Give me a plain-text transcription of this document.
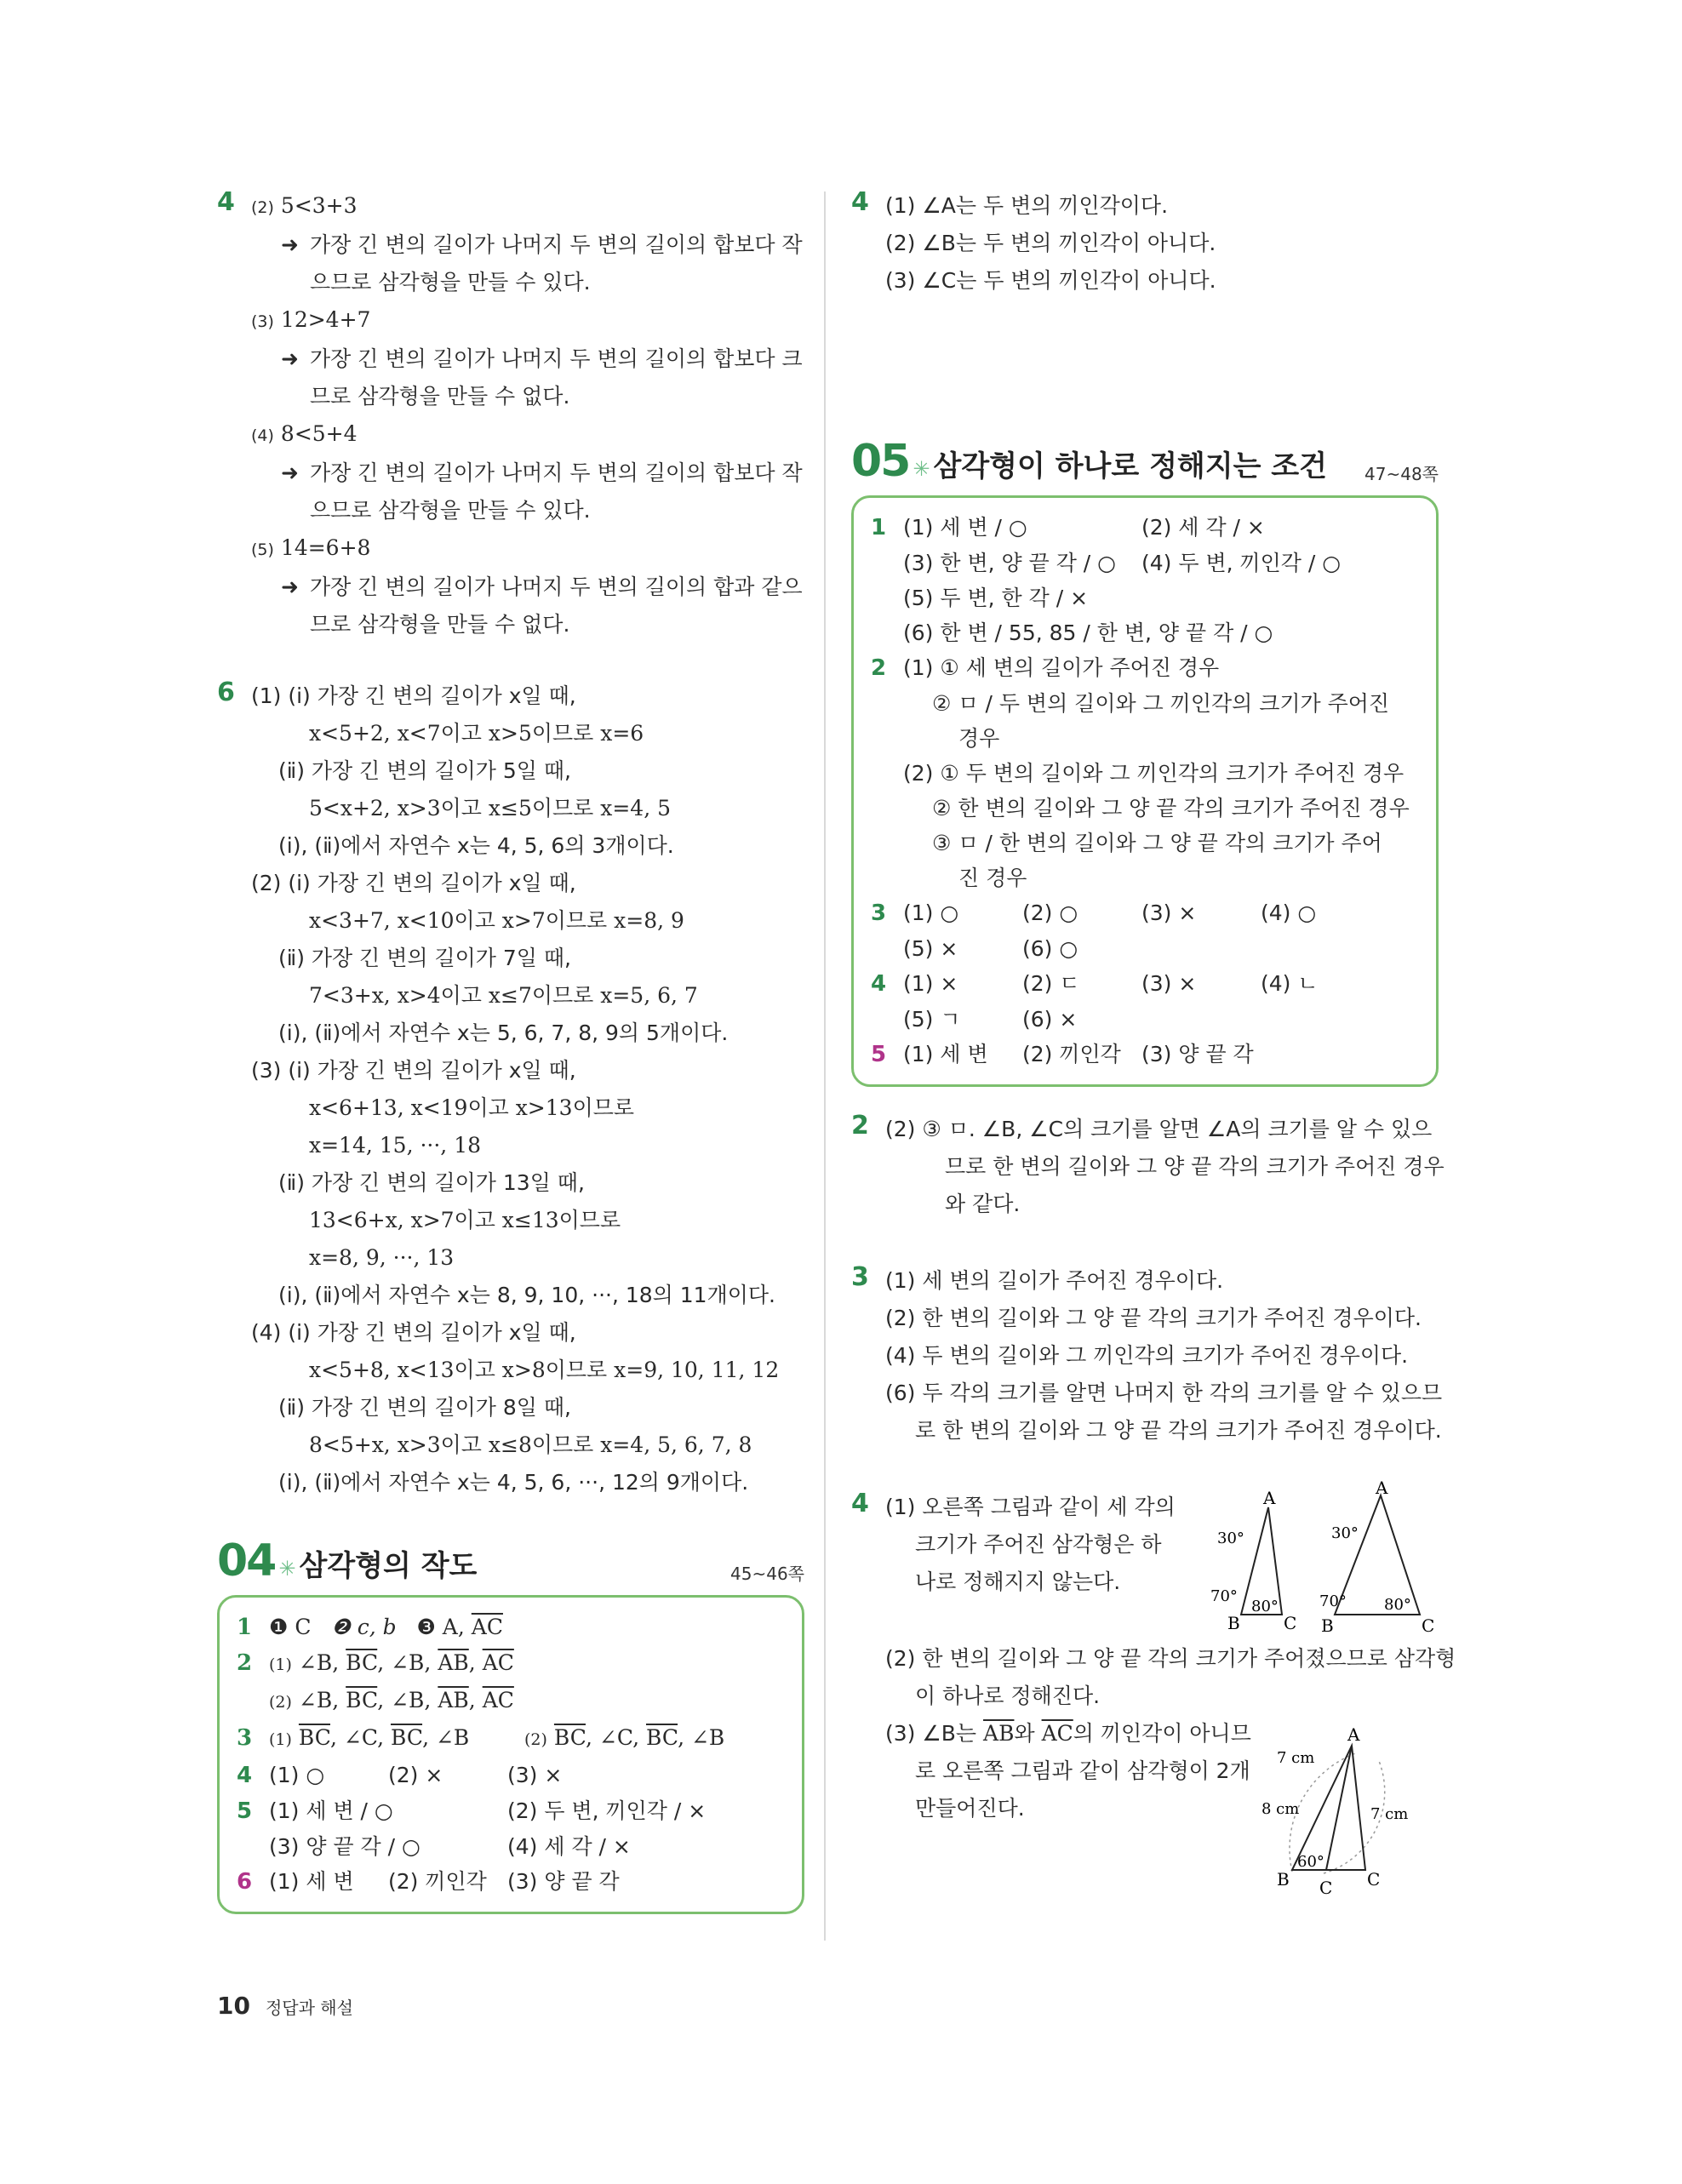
4 (2) 5<3+3
➜ 가장 긴 변의 길이가 나머지 두 변의 길이의 합보다 작
으므로 삼각형을 만들 수 있다.
(3) 12>4+7
➜ 가장 긴 변의 길이가 나머지 두 변의 길이의 합보다 크
므로 삼각형을 만들 수 없다.
(4) 8<5+4
➜ 가장 긴 변의 길이가 나머지 두 변의 길이의 합보다 작
으므로 삼각형을 만들 수 있다.
(5) 14=6+8
➜ 가장 긴 변의 길이가 나머지 두 변의 길이의 합과 같으
므로 삼각형을 만들 수 없다.
6 (1) (ⅰ) 가장 긴 변의 길이가 x일 때,
x<5+2, x<7이고 x>5이므로 x=6
(ⅱ) 가장 긴 변의 길이가 5일 때,
5<x+2, x>3이고 x≤5이므로 x=4, 5
(ⅰ), (ⅱ)에서 자연수 x는 4, 5, 6의 3개이다.
(2) (ⅰ) 가장 긴 변의 길이가 x일 때,
x<3+7, x<10이고 x>7이므로 x=8, 9
(ⅱ) 가장 긴 변의 길이가 7일 때,
7<3+x, x>4이고 x≤7이므로 x=5, 6, 7
(ⅰ), (ⅱ)에서 자연수 x는 5, 6, 7, 8, 9의 5개이다.
(3) (ⅰ) 가장 긴 변의 길이가 x일 때,
x<6+13, x<19이고 x>13이므로
x=14, 15, ···, 18
(ⅱ) 가장 긴 변의 길이가 13일 때,
13<6+x, x>7이고 x≤13이므로
x=8, 9, ···, 13
(ⅰ), (ⅱ)에서 자연수 x는 8, 9, 10, ···, 18의 11개이다.
(4) (ⅰ) 가장 긴 변의 길이가 x일 때,
x<5+8, x<13이고 x>8이므로 x=9, 10, 11, 12
(ⅱ) 가장 긴 변의 길이가 8일 때,
8<5+x, x>3이고 x≤8이므로 x=4, 5, 6, 7, 8
(ⅰ), (ⅱ)에서 자연수 x는 4, 5, 6, ···, 12의 9개이다.
04 ✳ 삼각형의 작도	45~46쪽
1 ❶ C ❷ c, b ❸ A, $\overline{AC}$
2 (1) ∠B, $\overline{BC}$, ∠B, $\overline{AB}$, $\overline{AC}$
(2) ∠B, $\overline{BC}$, ∠B, $\overline{AB}$, $\overline{AC}$
3 (1) $\overline{BC}$, ∠C, $\overline{BC}$, ∠B	(2) $\overline{BC}$, ∠C, $\overline{BC}$, ∠B
4 (1) ○	(2) ×	(3) ×
5 (1) 세 변 / ○	(2) 두 변, 끼인각 / ×
(3) 양 끝 각 / ○	(4) 세 각 / ×
6 (1) 세 변 (2) 끼인각 (3) 양 끝 각
4 (1) ∠A는 두 변의 끼인각이다.
(2) ∠B는 두 변의 끼인각이 아니다.
(3) ∠C는 두 변의 끼인각이 아니다.
05 ✳ 삼각형이 하나로 정해지는 조건 47~48쪽
1 (1) 세 변 / ○	(2) 세 각 / ×
(3) 한 변, 양 끝 각 / ○ (4) 두 변, 끼인각 / ○
(5) 두 변, 한 각 / ×
(6) 한 변 / 55, 85 / 한 변, 양 끝 각 / ○
2 (1) ① 세 변의 길이가 주어진 경우
② ㅁ / 두 변의 길이와 그 끼인각의 크기가 주어진
경우
(2) ① 두 변의 길이와 그 끼인각의 크기가 주어진 경우
② 한 변의 길이와 그 양 끝 각의 크기가 주어진 경우
③ ㅁ / 한 변의 길이와 그 양 끝 각의 크기가 주어
진 경우
3 (1) ○	(2) ○	(3) ×	(4) ○
(5) ×	(6) ○
4 (1) ×	(2) ㄷ	(3) ×	(4) ㄴ
(5) ㄱ	(6) ×
5 (1) 세 변 (2) 끼인각 (3) 양 끝 각
2 (2) ③ ㅁ. ∠B, ∠C의 크기를 알면 ∠A의 크기를 알 수 있으
므로 한 변의 길이와 그 양 끝 각의 크기가 주어진 경우
와 같다.
3 (1) 세 변의 길이가 주어진 경우이다.
(2) 한 변의 길이와 그 양 끝 각의 크기가 주어진 경우이다.
(4) 두 변의 길이와 그 끼인각의 크기가 주어진 경우이다.
(6) 두 각의 크기를 알면 나머지 한 각의 크기를 알 수 있으므
로 한 변의 길이와 그 양 끝 각의 크기가 주어진 경우이다.
4 (1) 오른쪽 그림과 같이 세 각의
크기가 주어진 삼각형은 하
나로 정해지지 않는다.
A
B	C
30°
70°
80°
A
B	C
30°
70° 80°
(2) 한 변의 길이와 그 양 끝 각의 크기가 주어졌으므로 삼각형
이 하나로 정해진다.
(3) ∠B는 $\overline{AB}$와 $\overline{AC}$의 끼인각이 아니므
로 오른쪽 그림과 같이 삼각형이 2개
만들어진다.
A
B C C
7 cm
8 cm	7 cm
60°
10 정답과 해설
